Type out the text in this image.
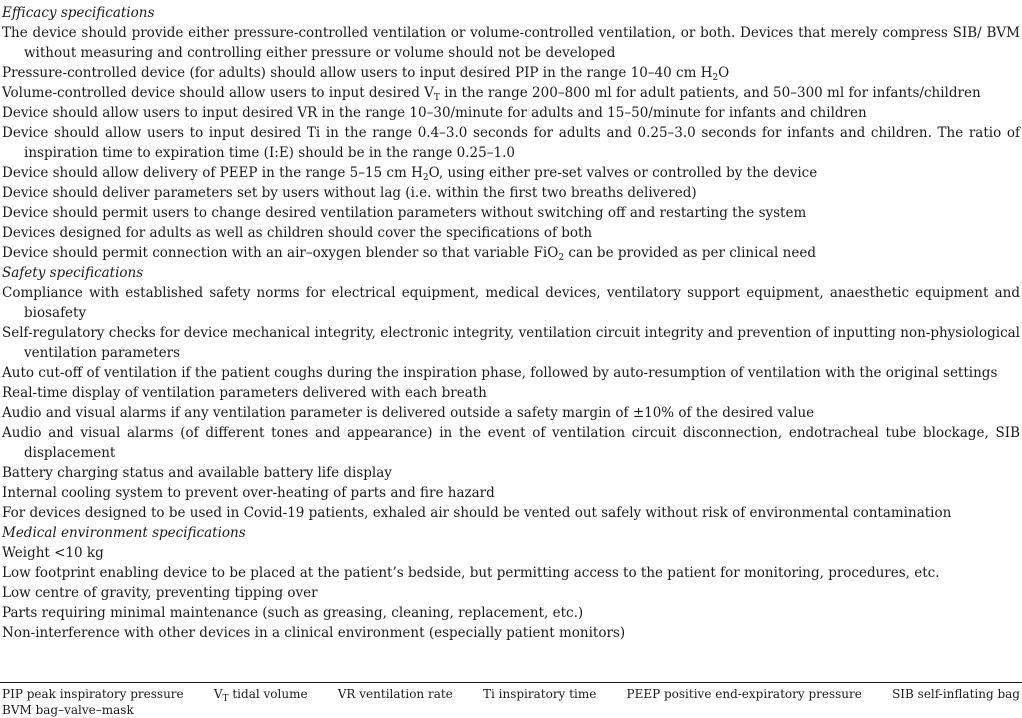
Efficacy specifications

The device should provide either pressure-controlled ventilation or volume-controlled ventilation, or both. Devices that merely compress SIB/ BVM without measuring and controlling either pressure or volume should not be developed

Pressure-controlled device (for adults) should allow users to input desired PIP in the range 10–40 cm $H_2O$

Volume-controlled device should allow users to input desired $V_T$ in the range 200–800 ml for adult patients, and 50–300 ml for infants/children

Device should allow users to input desired VR in the range 10–30/minute for adults and 15–50/minute for infants and children

Device should allow users to input desired Ti in the range 0.4–3.0 seconds for adults and 0.25–3.0 seconds for infants and children. The ratio of inspiration time to expiration time (I:E) should be in the range 0.25–1.0

Device should allow delivery of PEEP in the range 5–15 cm $H_2O$, using either pre-set valves or controlled by the device

Device should deliver parameters set by users without lag (i.e. within the first two breaths delivered)

Device should permit users to change desired ventilation parameters without switching off and restarting the system

Devices designed for adults as well as children should cover the specifications of both

Device should permit connection with an air–oxygen blender so that variable FiO$_2$ can be provided as per clinical need

Safety specifications

Compliance with established safety norms for electrical equipment, medical devices, ventilatory support equipment, anaesthetic equipment and biosafety

Self-regulatory checks for device mechanical integrity, electronic integrity, ventilation circuit integrity and prevention of inputting non-physiological ventilation parameters

Auto cut-off of ventilation if the patient coughs during the inspiration phase, followed by auto-resumption of ventilation with the original settings

Real-time display of ventilation parameters delivered with each breath

Audio and visual alarms if any ventilation parameter is delivered outside a safety margin of ±10% of the desired value

Audio and visual alarms (of different tones and appearance) in the event of ventilation circuit disconnection, endotracheal tube blockage, SIB displacement

Battery charging status and available battery life display

Internal cooling system to prevent over-heating of parts and fire hazard

For devices designed to be used in Covid-19 patients, exhaled air should be vented out safely without risk of environmental contamination

Medical environment specifications

Weight <10 kg

Low footprint enabling device to be placed at the patient’s bedside, but permitting access to the patient for monitoring, procedures, etc.

Low centre of gravity, preventing tipping over

Parts requiring minimal maintenance (such as greasing, cleaning, replacement, etc.)

Non-interference with other devices in a clinical environment (especially patient monitors)

PIP peak inspiratory pressure	$V_T$ tidal volume	VR ventilation rate	Ti inspiratory time	PEEP positive end-expiratory pressure	SIB self-inflating bag
BVM bag–valve–mask
